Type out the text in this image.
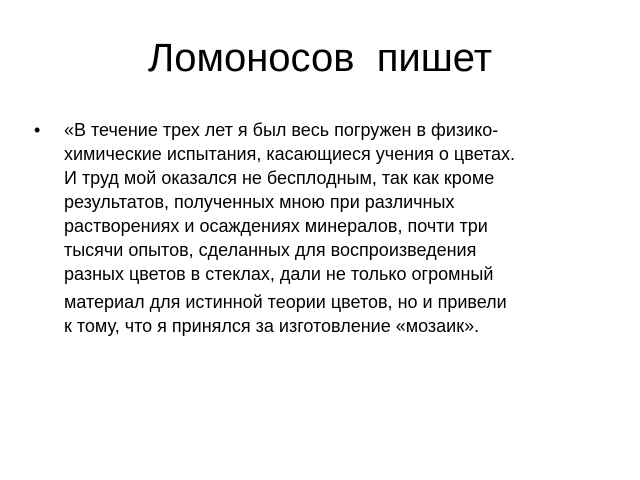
Ломоносов  пишет
• «В течение трех лет я был весь погружен в физико-
химические испытания, касающиеся учения о цветах.
И труд мой оказался не бесплодным, так как кроме
результатов, полученных мною при различных
растворениях и осаждениях минералов, почти три
тысячи опытов, сделанных для воспроизведения
разных цветов в стеклах, дали не только огромный
материал для истинной теории цветов, но и привели
к тому, что я принялся за изготовление «мозаик».
